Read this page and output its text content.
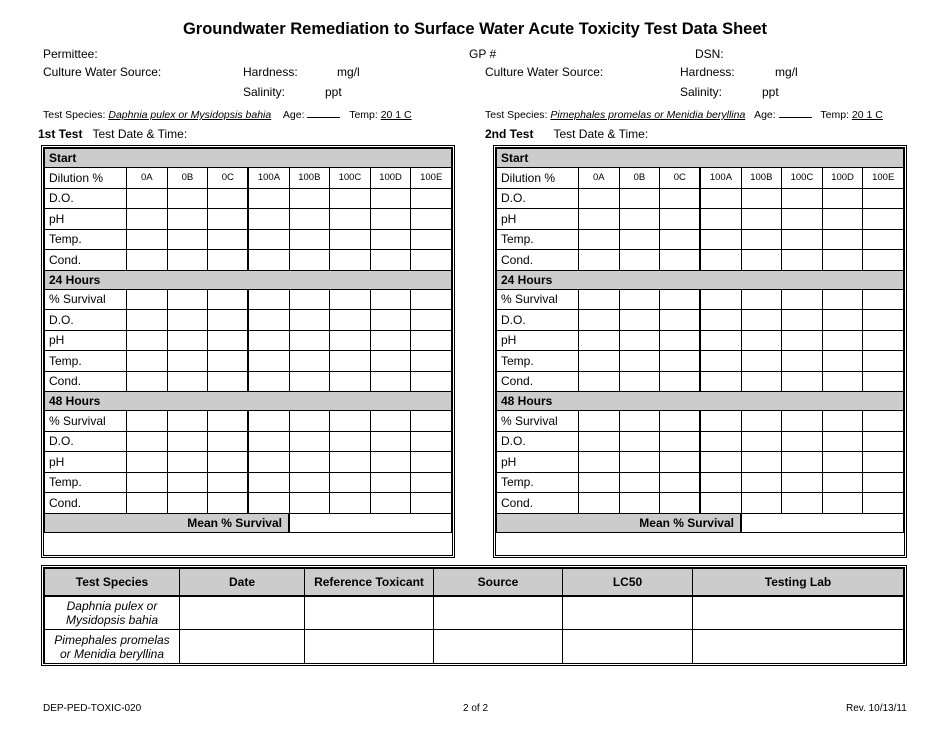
Groundwater Remediation to Surface Water Acute Toxicity Test Data Sheet
Permittee:	GP #	DSN:
Culture Water Source:	Hardness:	mg/l
Salinity:	ppt
Culture Water Source:	Hardness:	mg/l
Salinity:	ppt
Test Species: Daphnia pulex or Mysidopsis bahia Age:	Temp: 20 1 C	Test Species: Pimephales promelas or Menidia beryllina Age:	Temp: 20 1 C
1st Test Test Date & Time:	2nd Test Test Date & Time:
Start								
Dilution %	0A	0B	0C	100A	100B	100C	100D	100E
D.O.								
pH								
Temp.								
Cond.								
24 Hours								
% Survival								
D.O.								
pH								
Temp.								
Cond.								
48 Hours								
% Survival								
D.O.								
pH								
Temp.								
Cond.								
Mean % Survival								
Start								
Dilution %	0A	0B	0C	100A	100B	100C	100D	100E
D.O.								
pH								
Temp.								
Cond.								
24 Hours								
% Survival								
D.O.								
pH								
Temp.								
Cond.								
48 Hours								
% Survival								
D.O.								
pH								
Temp.								
Cond.								
Mean % Survival								
Test Species	Date	Reference Toxicant	Source	LC50	Testing Lab
Daphnia pulex or
Mysidopsis bahia					
Pimephales promelas
or Menidia beryllina					
DEP-PED-TOXIC-020	2 of 2	Rev. 10/13/11
